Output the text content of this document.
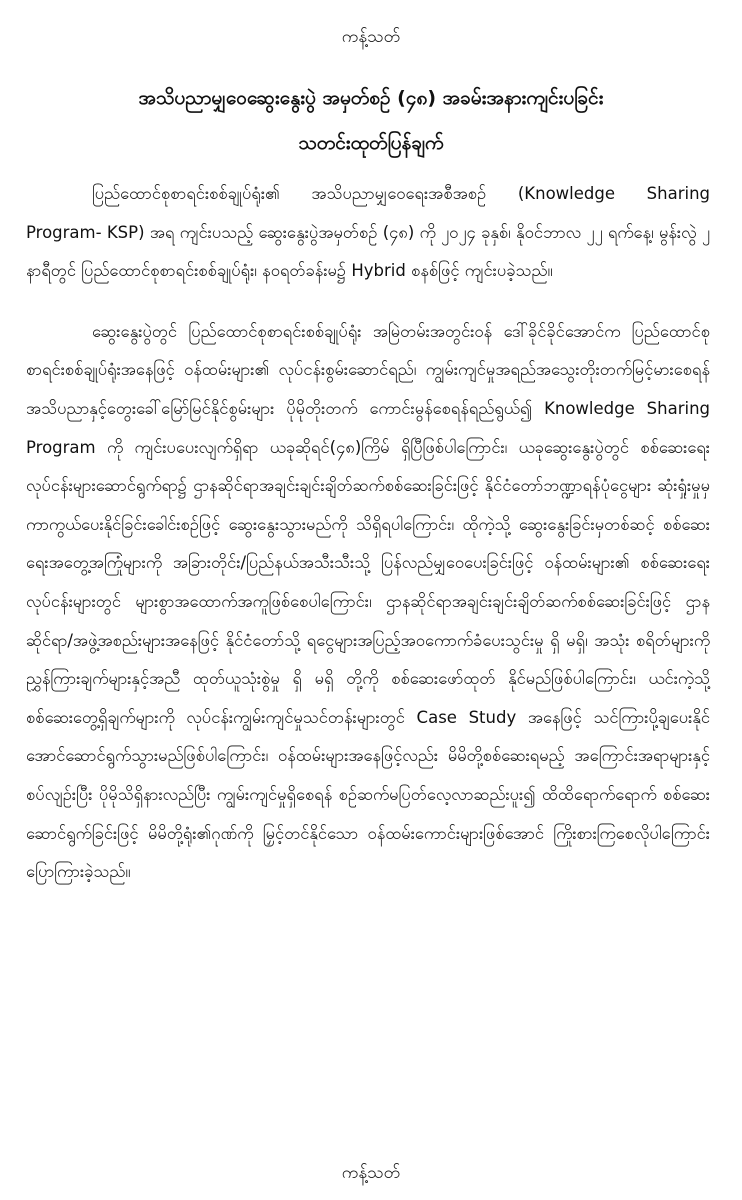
ကန့်သတ်
အသိပညာမျှဝေဆွေးနွေးပွဲ အမှတ်စဉ် (၄၈) အခမ်းအနားကျင်းပခြင်း
သတင်းထုတ်ပြန်ချက်

ပြည်ထောင်စုစာရင်းစစ်ချုပ်ရုံး၏ အသိပညာမျှဝေရေးအစီအစဉ် (Knowledge Sharing Program- KSP) အရ ကျင်းပသည့် ဆွေးနွေးပွဲအမှတ်စဉ် (၄၈) ကို ၂၀၂၄ ခုနှစ်၊ နိုဝင်ဘာလ ၂၂ ရက်နေ့၊ မွန်းလွဲ ၂ နာရီတွင် ပြည်ထောင်စုစာရင်းစစ်ချုပ်ရုံး၊ နဝရတ်ခန်းမ၌ Hybrid စနစ်ဖြင့် ကျင်းပခဲ့သည်။

ဆွေးနွေးပွဲတွင် ပြည်ထောင်စုစာရင်းစစ်ချုပ်ရုံး အမြဲတမ်းအတွင်းဝန် ဒေါ်ခိုင်ခိုင်အောင်က ပြည်ထောင်စုစာရင်းစစ်ချုပ်ရုံးအနေဖြင့် ဝန်ထမ်းများ၏ လုပ်ငန်းစွမ်းဆောင်ရည်၊ ကျွမ်းကျင်မှုအရည်အသွေးတိုးတက်မြင့်မားစေရန်အသိပညာနှင့်တွေးခေါ်မြော်မြင်နိုင်စွမ်းများ ပိုမိုတိုးတက် ကောင်းမွန်စေရန်ရည်ရွယ်၍ Knowledge Sharing Program ကို ကျင်းပပေးလျက်ရှိရာ ယခုဆိုရင်(၄၈)ကြိမ် ရှိပြီဖြစ်ပါကြောင်း၊ ယခုဆွေးနွေးပွဲတွင် စစ်ဆေးရေးလုပ်ငန်းများဆောင်ရွက်ရာ၌ ဌာနဆိုင်ရာအချင်းချင်းချိတ်ဆက်စစ်ဆေးခြင်းဖြင့် နိုင်ငံတော်ဘဏ္ဍာရန်ပုံငွေများ ဆုံးရှုံးမှုမှ ကာကွယ်ပေးနိုင်ခြင်းခေါင်းစဉ်ဖြင့် ဆွေးနွေးသွားမည်ကို သိရှိရပါကြောင်း၊ ထိုကဲ့သို့ ဆွေးနွေးခြင်းမှတစ်ဆင့် စစ်ဆေးရေးအတွေ့အကြုံများကို အခြားတိုင်း/ပြည်နယ်အသီးသီးသို့ ပြန်လည်မျှဝေပေးခြင်းဖြင့် ဝန်ထမ်းများ၏ စစ်ဆေးရေးလုပ်ငန်းများတွင် များစွာအထောက်အကူဖြစ်စေပါကြောင်း၊ ဌာနဆိုင်ရာအချင်းချင်းချိတ်ဆက်စစ်ဆေးခြင်းဖြင့် ဌာနဆိုင်ရာ/အဖွဲ့အစည်းများအနေဖြင့် နိုင်ငံတော်သို့ ရငွေများအပြည့်အဝကောက်ခံပေးသွင်းမှု ရှိ မရှိ၊ အသုံး စရိတ်များကို ညွှန်ကြားချက်များနှင့်အညီ ထုတ်ယူသုံးစွဲမှု ရှိ မရှိ တို့ကို စစ်ဆေးဖော်ထုတ် နိုင်မည်ဖြစ်ပါကြောင်း၊ ယင်းကဲ့သို့ စစ်ဆေးတွေ့ရှိချက်များကို လုပ်ငန်းကျွမ်းကျင်မှုသင်တန်းများတွင် Case Study အနေဖြင့် သင်ကြားပို့ချပေးနိုင်အောင်ဆောင်ရွက်သွားမည်ဖြစ်ပါကြောင်း၊ ဝန်ထမ်းများအနေဖြင့်လည်း မိမိတို့စစ်ဆေးရမည့် အကြောင်းအရာများနှင့်စပ်လျဉ်းပြီး ပိုမိုသိရှိနားလည်ပြီး ကျွမ်းကျင်မှုရှိစေရန် စဉ်ဆက်မပြတ်လေ့လာဆည်းပူး၍ ထိထိရောက်ရောက် စစ်ဆေးဆောင်ရွက်ခြင်းဖြင့် မိမိတို့ရုံး၏ဂုဏ်ကို မြှင့်တင်နိုင်သော ဝန်ထမ်းကောင်းများဖြစ်အောင် ကြိုးစားကြစေလိုပါကြောင်း ပြောကြားခဲ့သည်။

ကန့်သတ်
